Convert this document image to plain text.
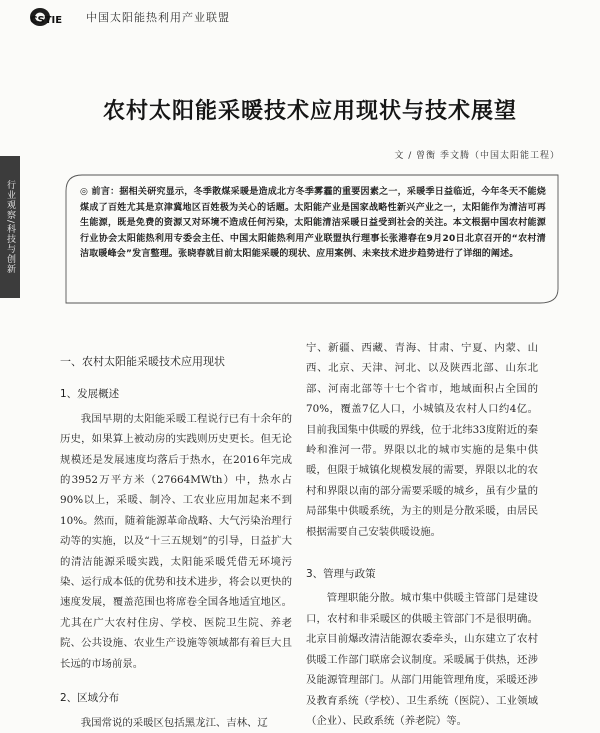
CSTIE 中国太阳能热利用产业联盟
行业观察/科技与创新
农村太阳能采暖技术应用现状与技术展望
文 / 曾衡 季文腾（中国太阳能工程）
◎ 前言：据相关研究显示，冬季散煤采暖是造成北方冬季雾霾的重要因素之一，采暖季日益临近，今年冬天不能烧煤成了百姓尤其是京津冀地区百姓极为关心的话题。太阳能产业是国家战略性新兴产业之一，太阳能作为清洁可再生能源，既是免费的资源又对环境不造成任何污染，太阳能清洁采暖日益受到社会的关注。本文根据中国农村能源行业协会太阳能热利用专委会主任、中国太阳能热利用产业联盟执行理事长张港春在9月20日北京召开的“农村清洁取暖峰会”发言整理。张晓春就目前太阳能采暖的现状、应用案例、未来技术进步趋势进行了详细的阐述。

一、农村太阳能采暖技术应用现状

1、发展概述

我国早期的太阳能采暖工程说行已有十余年的历史，如果算上被动房的实践则历史更长。但无论规模还是发展速度均落后于热水，在2016年完成的3952万平方米（27664MWth）中，热水占90%以上，采暖、制冷、工农业应用加起来不到10%。然而，随着能源革命战略、大气污染治理行动等的实施，以及“十三五规划”的引导，日益扩大的清洁能源采暖实践，太阳能采暖凭借无环境污染、运行成本低的优势和技术进步，将会以更快的速度发展，覆盖范围也将席卷全国各地适宜地区。尤其在广大农村住房、学校、医院卫生院、养老院、公共设施、农业生产设施等领域都有着巨大且长远的市场前景。

2、区域分布

我国常说的采暖区包括黑龙江、吉林、辽

宁、新疆、西藏、青海、甘肃、宁夏、内蒙、山西、北京、天津、河北、以及陕西北部、山东北部、河南北部等十七个省市，地域面积占全国的70%，覆盖7亿人口，小城镇及农村人口约4亿。目前我国集中供暖的界线，位于北纬33度附近的秦岭和淮河一带。界限以北的城市实施的是集中供暖，但限于城镇化规模发展的需要，界限以北的农村和界限以南的部分需要采暖的城乡，虽有少量的局部集中供暖系统，为主的则是分散采暖，由居民根据需要自己安装供暖设施。

3、管理与政策

管理职能分散。城市集中供暖主管部门是建设口，农村和非采暖区的供暖主管部门不是很明确。北京目前爆改清洁能源农委牵头，山东建立了农村供暖工作部门联席会议制度。采暖属于供热，还涉及能源管理部门。从部门用能管理角度，采暖还涉及教育系统（学校）、卫生系统（医院）、工业领域（企业）、民政系统（养老院）等。
